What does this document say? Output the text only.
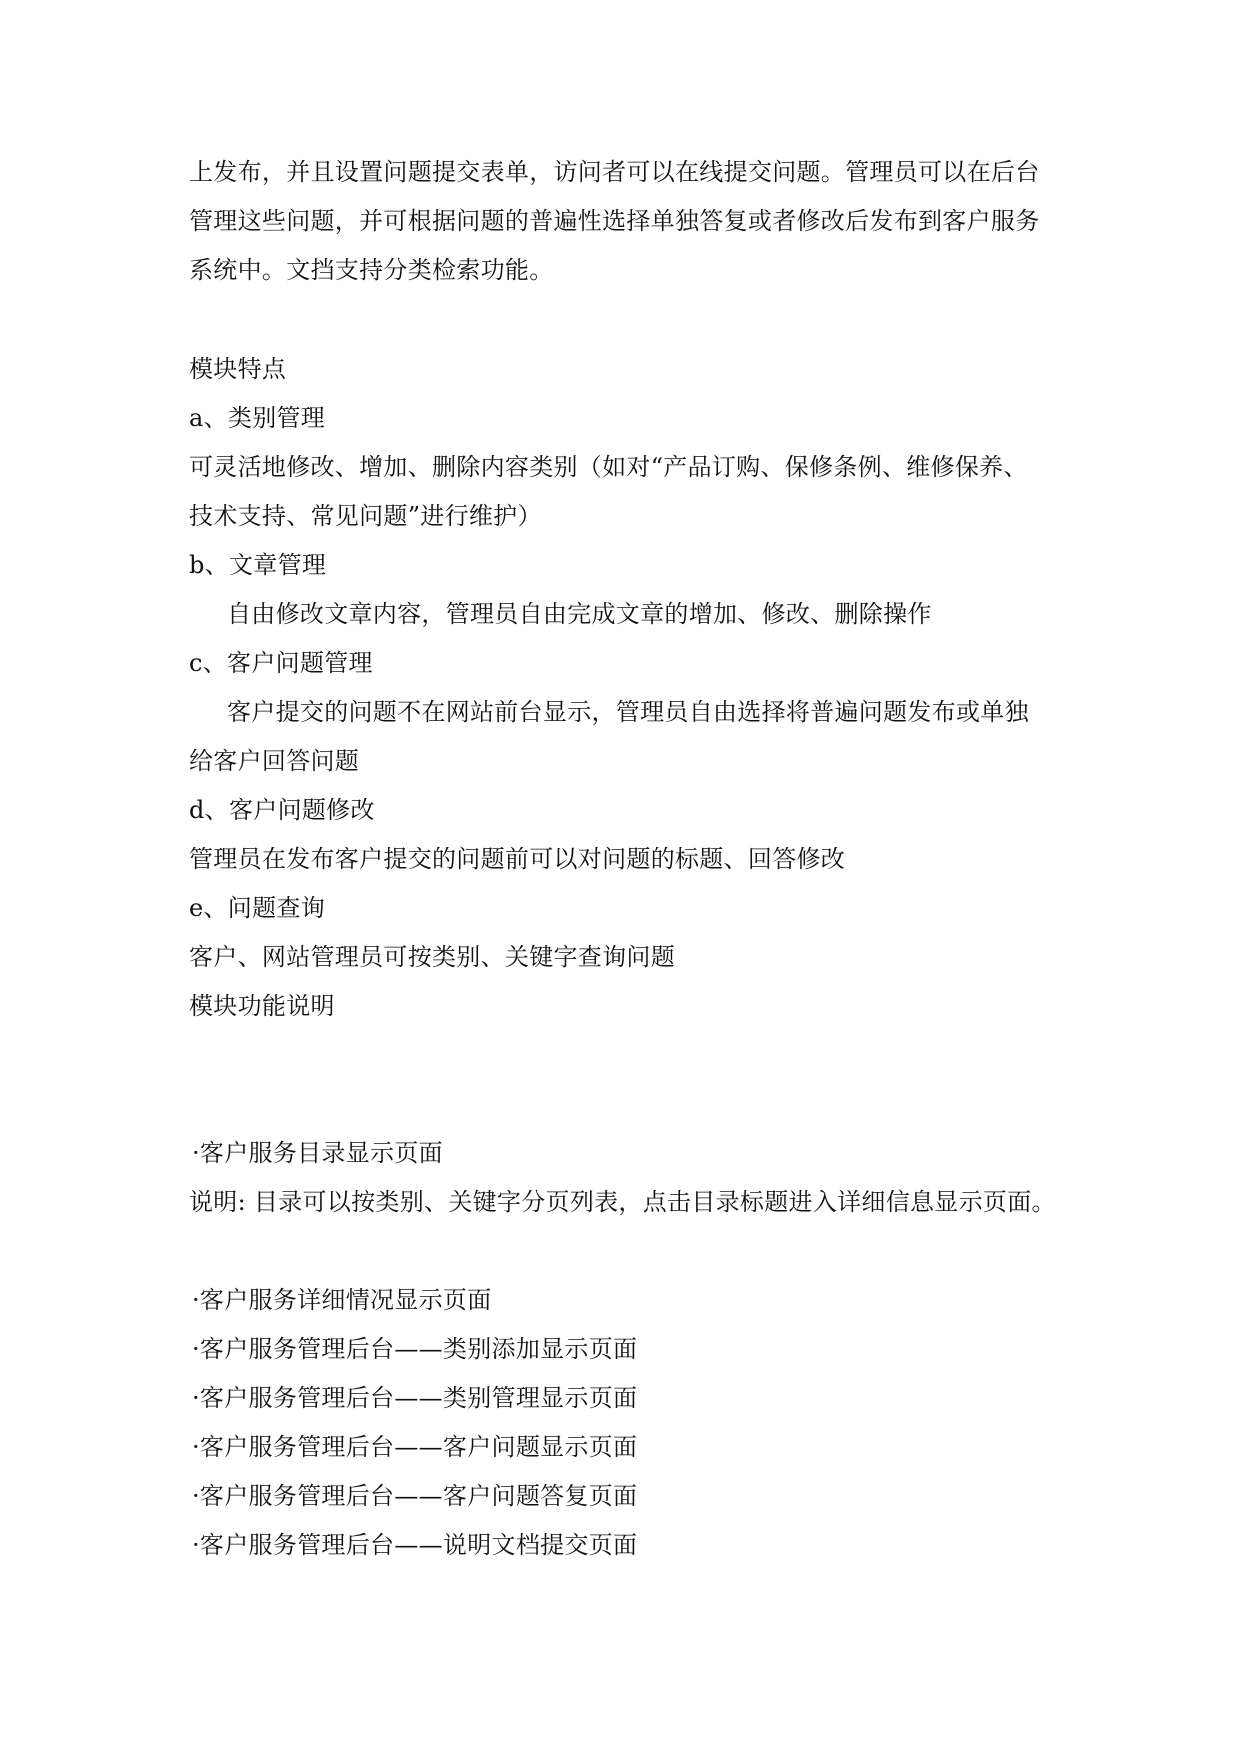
上发布，并且设置问题提交表单，访问者可以在线提交问题。管理员可以在后台
管理这些问题，并可根据问题的普遍性选择单独答复或者修改后发布到客户服务
系统中。文挡支持分类检索功能。
模块特点
a、类别管理
可灵活地修改、增加、删除内容类别（如对“产品订购、保修条例、维修保养、
技术支持、常见问题”进行维护）
b、文章管理
自由修改文章内容，管理员自由完成文章的增加、修改、删除操作
c、客户问题管理
客户提交的问题不在网站前台显示，管理员自由选择将普遍问题发布或单独
给客户回答问题
d、客户问题修改
管理员在发布客户提交的问题前可以对问题的标题、回答修改
e、问题查询
客户、网站管理员可按类别、关键字查询问题
模块功能说明
·客户服务目录显示页面
说明: 目录可以按类别、关键字分页列表，点击目录标题进入详细信息显示页面。
·客户服务详细情况显示页面
·客户服务管理后台——类别添加显示页面
·客户服务管理后台——类别管理显示页面
·客户服务管理后台——客户问题显示页面
·客户服务管理后台——客户问题答复页面
·客户服务管理后台——说明文档提交页面
